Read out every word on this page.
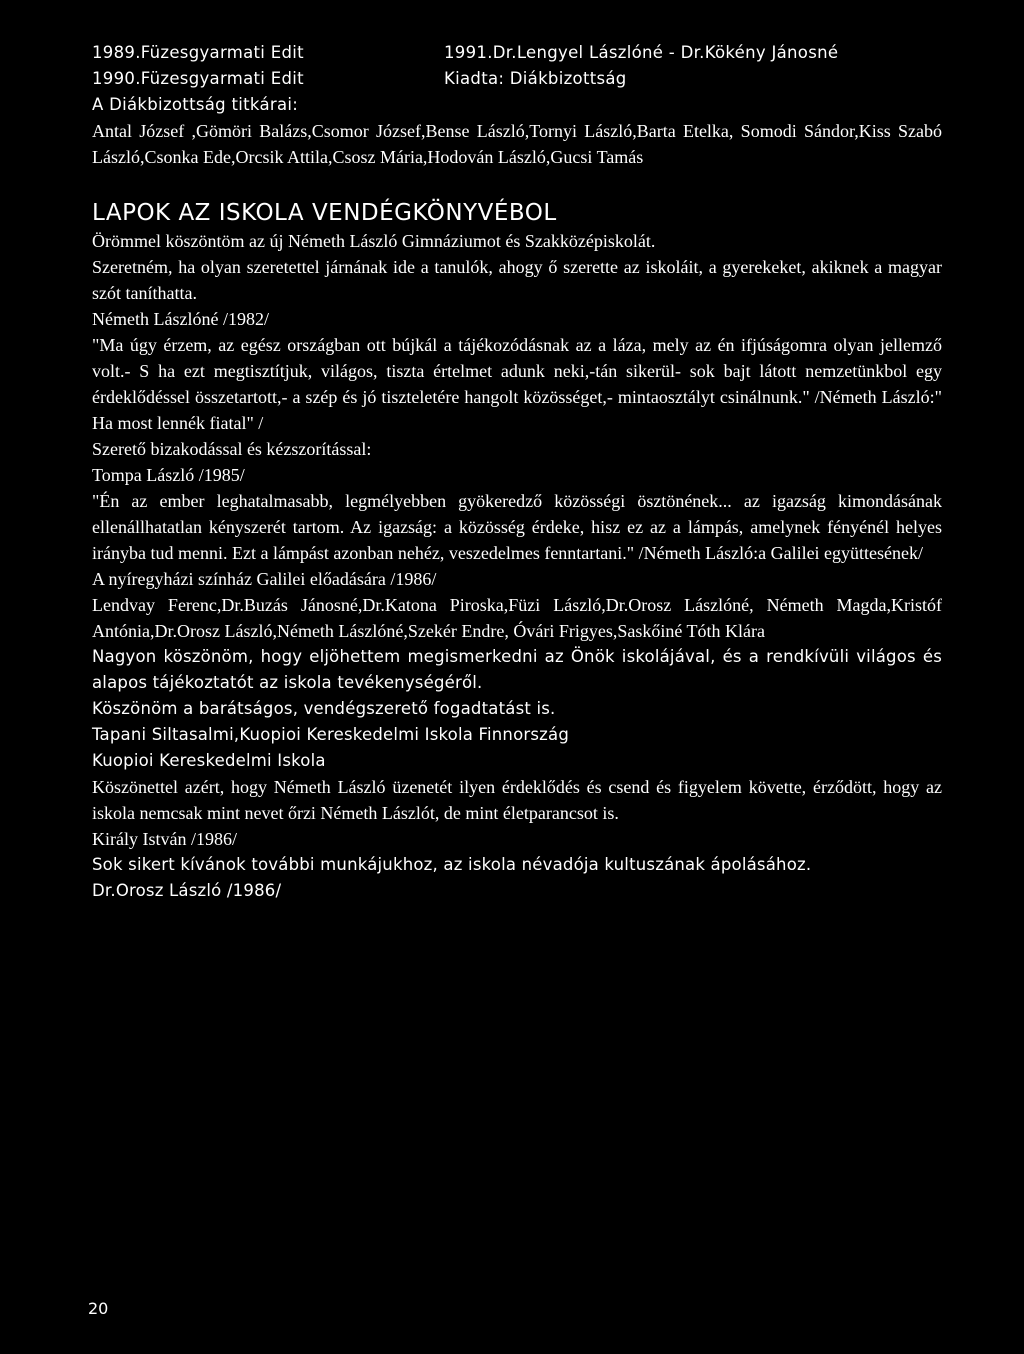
1989.Füzesgyarmati Edit	1991.Dr.Lengyel Lászlóné - Dr.Kökény Jánosné
1990.Füzesgyarmati Edit	Kiadta: Diákbizottság
A Diákbizottság titkárai:
Antal József ,Gömöri Balázs,Csomor József,Bense László,Tornyi László,Barta Etelka, Somodi Sándor,Kiss Szabó László,Csonka Ede,Orcsik Attila,Csosz Mária,Hodován László,Gucsi Tamás
LAPOK AZ ISKOLA VENDÉGKÖNYVÉBOL
Örömmel köszöntöm az új Németh László Gimnáziumot és Szakközépiskolát.
Szeretném, ha olyan szeretettel járnának ide a tanulók, ahogy ő szerette az iskoláit, a gyerekeket, akiknek a magyar szót taníthatta.
Németh Lászlóné /1982/
"Ma úgy érzem, az egész országban ott bújkál a tájékozódásnak az a láza, mely az én ifjúságomra olyan jellemző volt.- S ha ezt megtisztítjuk, világos, tiszta értelmet adunk neki,-tán sikerül- sok bajt látott nemzetünkbol egy érdeklődéssel összetartott,- a szép és jó tiszteletére hangolt közösséget,- mintaosztályt csinálnunk." /Németh László:" Ha most lennék fiatal" /
Szerető bizakodással és kézszorítással:
Tompa László /1985/
"Én az ember leghatalmasabb, legmélyebben gyökeredző közösségi ösztönének... az igazság kimondásának ellenállhatatlan kényszerét tartom. Az igazság: a közösség érdeke, hisz ez az a lámpás, amelynek fényénél helyes irányba tud menni. Ezt a lámpást azonban nehéz, veszedelmes fenntartani." /Németh László:a Galilei együttesének/
A nyíregyházi színház Galilei előadására /1986/
Lendvay Ferenc,Dr.Buzás Jánosné,Dr.Katona Piroska,Füzi László,Dr.Orosz Lászlóné, Németh Magda,Kristóf Antónia,Dr.Orosz László,Németh Lászlóné,Szekér Endre, Óvári Frigyes,Saskőiné Tóth Klára
Nagyon köszönöm, hogy eljöhettem megismerkedni az Önök iskolájával, és a rendkívüli világos és alapos tájékoztatót az iskola tevékenységéről.
Köszönöm a barátságos, vendégszerető fogadtatást is.
Tapani Siltasalmi,Kuopioi Kereskedelmi Iskola Finnország
Kuopioi Kereskedelmi Iskola
Köszönettel azért, hogy Németh László üzenetét ilyen érdeklődés és csend és figyelem követte, érződött, hogy az iskola nemcsak mint nevet őrzi Németh Lászlót, de mint életparancsot is.
Király István /1986/
Sok sikert kívánok további munkájukhoz, az iskola névadója kultuszának ápolásához.
Dr.Orosz László /1986/
20
